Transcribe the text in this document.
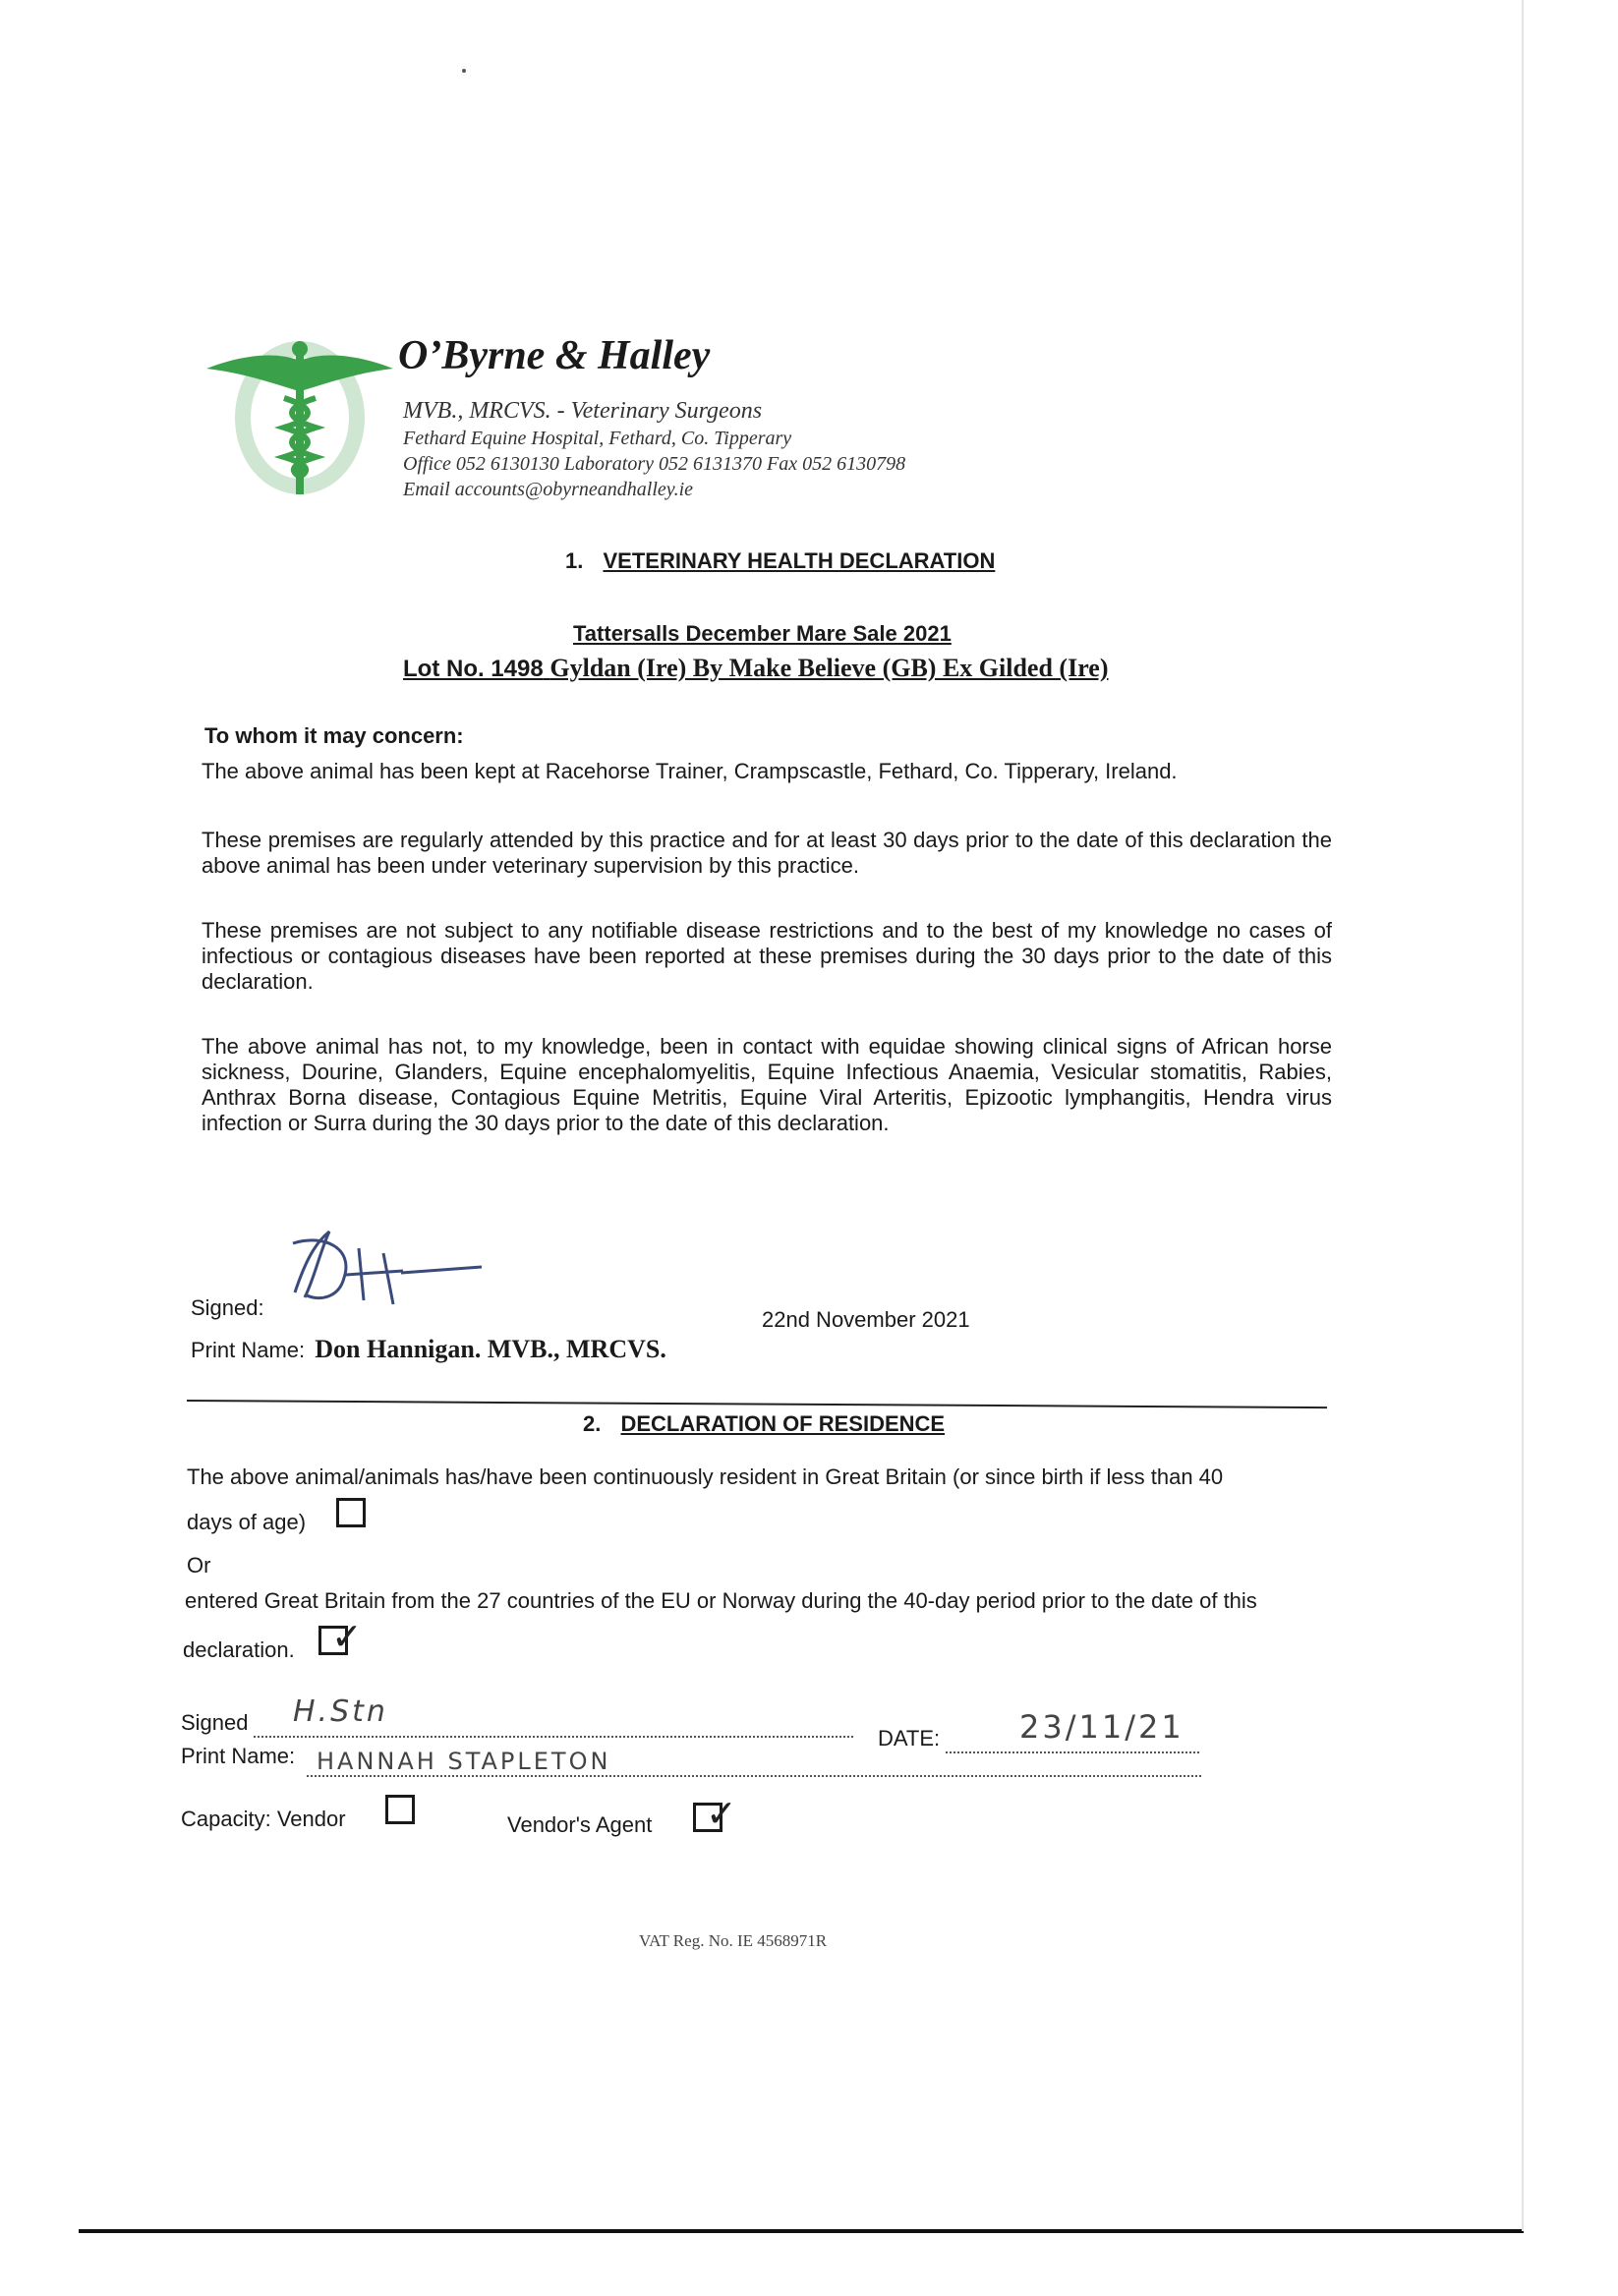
O’Byrne & Halley
MVB., MRCVS. - Veterinary Surgeons
Fethard Equine Hospital, Fethard, Co. Tipperary
Office 052 6130130 Laboratory 052 6131370 Fax 052 6130798
Email accounts@obyrneandhalley.ie
1. VETERINARY HEALTH DECLARATION
Tattersalls December Mare Sale 2021
Lot No. 1498 Gyldan (Ire) By Make Believe (GB) Ex Gilded (Ire)
To whom it may concern:
The above animal has been kept at Racehorse Trainer, Crampscastle, Fethard, Co. Tipperary, Ireland.
These premises are regularly attended by this practice and for at least 30 days prior to the date of this declaration the above animal has been under veterinary supervision by this practice.
These premises are not subject to any notifiable disease restrictions and to the best of my knowledge no cases of infectious or contagious diseases have been reported at these premises during the 30 days prior to the date of this declaration.
The above animal has not, to my knowledge, been in contact with equidae showing clinical signs of African horse sickness, Dourine, Glanders, Equine encephalomyelitis, Equine Infectious Anaemia, Vesicular stomatitis, Rabies, Anthrax Borna disease, Contagious Equine Metritis, Equine Viral Arteritis, Epizootic lymphangitis, Hendra virus infection or Surra during the 30 days prior to the date of this declaration.
Signed:	22nd November 2021
Print Name: Don Hannigan. MVB., MRCVS.
2. DECLARATION OF RESIDENCE
The above animal/animals has/have been continuously resident in Great Britain (or since birth if less than 40
days of age)
Or
entered Great Britain from the 27 countries of the EU or Norway during the 40-day period prior to the date of this
declaration. ✓
Signed H.Stn
DATE:	23/11/21
Print Name: HANNAH STAPLETON
Capacity: Vendor	Vendor's Agent ✓
VAT Reg. No. IE 4568971R
